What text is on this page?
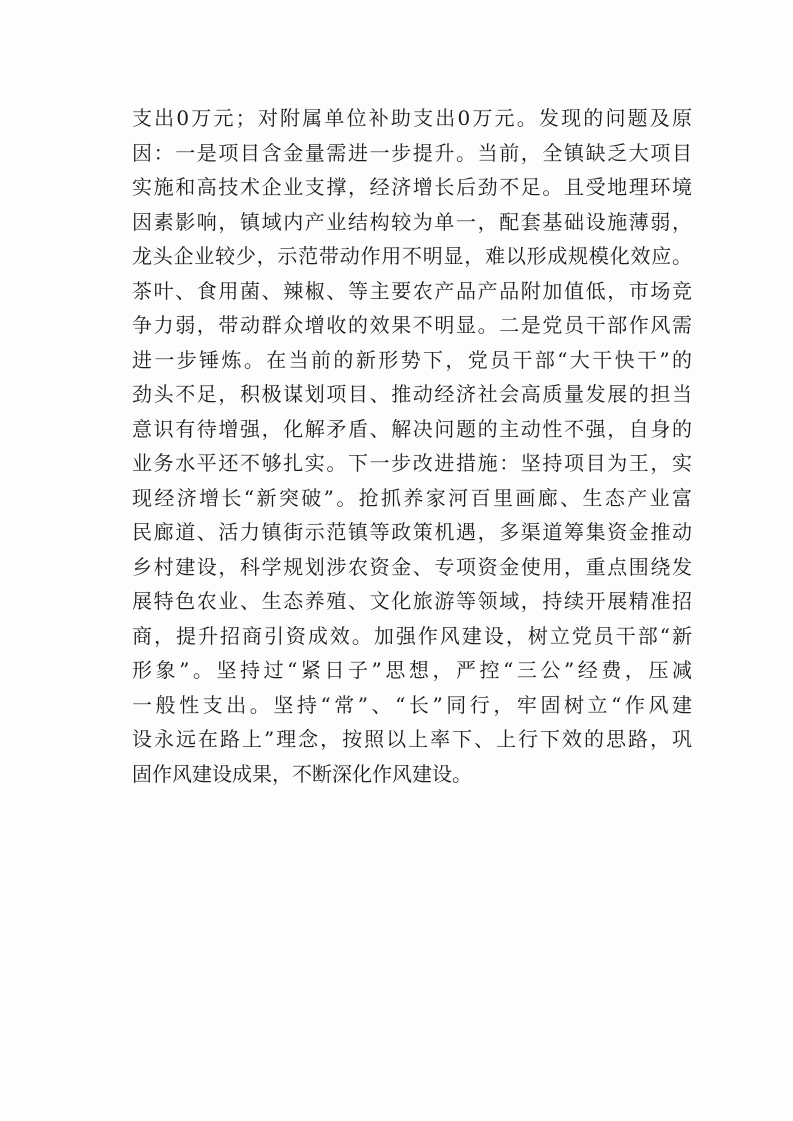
支出0万元；对附属单位补助支出0万元。发现的问题及原
因：一是项目含金量需进一步提升。当前，全镇缺乏大项目
实施和高技术企业支撑，经济增长后劲不足。且受地理环境
因素影响，镇域内产业结构较为单一，配套基础设施薄弱，
龙头企业较少，示范带动作用不明显，难以形成规模化效应。
茶叶、食用菌、辣椒、等主要农产品产品附加值低，市场竞
争力弱，带动群众增收的效果不明显。二是党员干部作风需
进一步锤炼。在当前的新形势下，党员干部“大干快干”的
劲头不足，积极谋划项目、推动经济社会高质量发展的担当
意识有待增强，化解矛盾、解决问题的主动性不强，自身的
业务水平还不够扎实。下一步改进措施：坚持项目为王，实
现经济增长“新突破”。抢抓养家河百里画廊、生态产业富
民廊道、活力镇街示范镇等政策机遇，多渠道筹集资金推动
乡村建设，科学规划涉农资金、专项资金使用，重点围绕发
展特色农业、生态养殖、文化旅游等领域，持续开展精准招
商，提升招商引资成效。加强作风建设，树立党员干部“新
形象”。坚持过“紧日子”思想，严控“三公”经费，压减
一般性支出。坚持“常”、“长”同行，牢固树立“作风建
设永远在路上”理念，按照以上率下、上行下效的思路，巩
固作风建设成果，不断深化作风建设。
